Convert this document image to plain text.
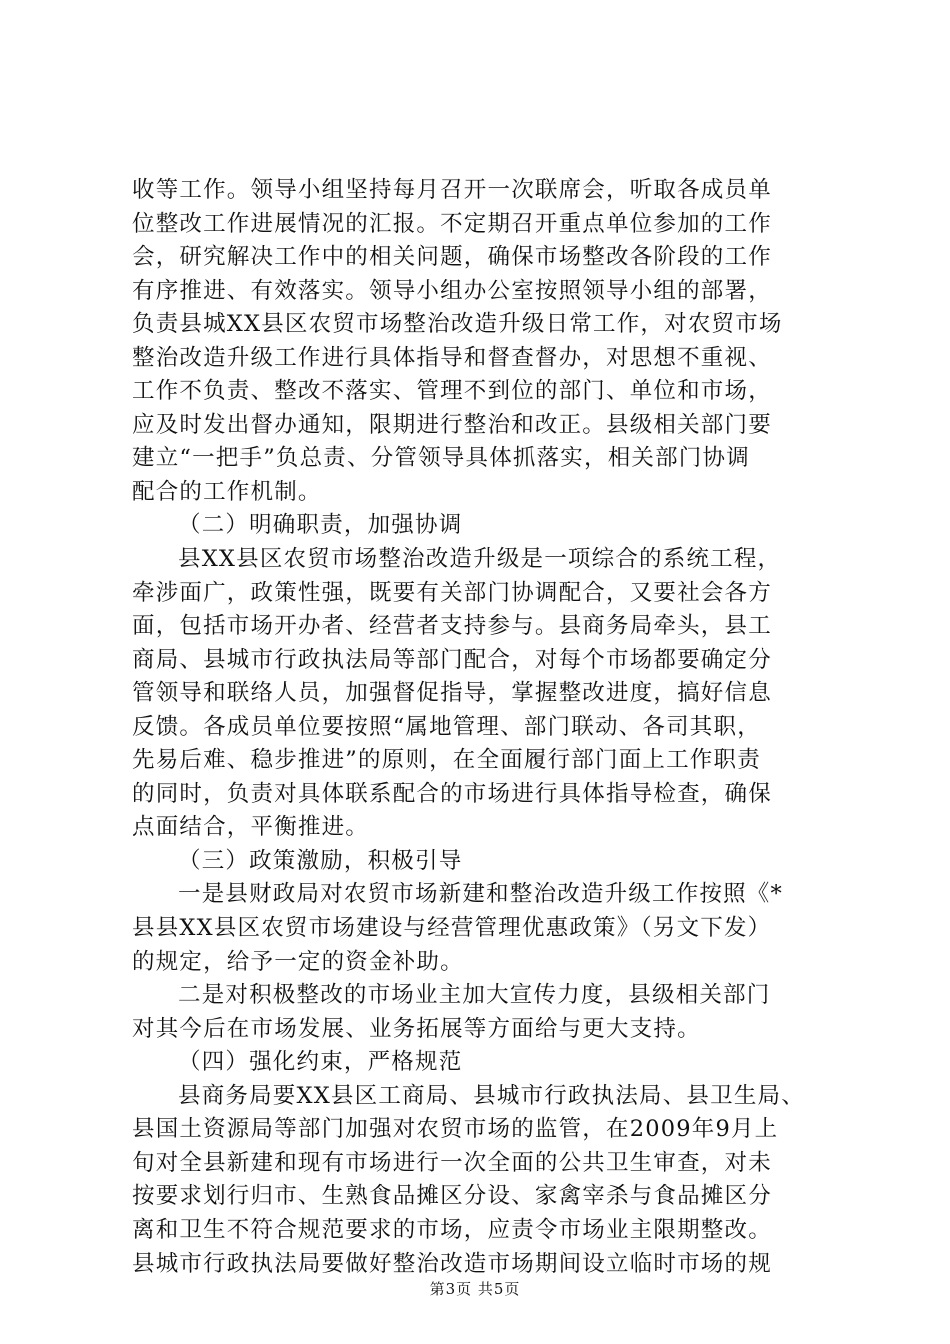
收等工作。领导小组坚持每月召开一次联席会，听取各成员单
位整改工作进展情况的汇报。不定期召开重点单位参加的工作
会，研究解决工作中的相关问题，确保市场整改各阶段的工作
有序推进、有效落实。领导小组办公室按照领导小组的部署，
负责县城XX县区农贸市场整治改造升级日常工作，对农贸市场
整治改造升级工作进行具体指导和督查督办，对思想不重视、
工作不负责、整改不落实、管理不到位的部门、单位和市场，
应及时发出督办通知，限期进行整治和改正。县级相关部门要
建立“一把手”负总责、分管领导具体抓落实，相关部门协调
配合的工作机制。
（二）明确职责，加强协调
县XX县区农贸市场整治改造升级是一项综合的系统工程，
牵涉面广，政策性强，既要有关部门协调配合，又要社会各方
面，包括市场开办者、经营者支持参与。县商务局牵头，县工
商局、县城市行政执法局等部门配合，对每个市场都要确定分
管领导和联络人员，加强督促指导，掌握整改进度，搞好信息
反馈。各成员单位要按照“属地管理、部门联动、各司其职，
先易后难、稳步推进”的原则，在全面履行部门面上工作职责
的同时，负责对具体联系配合的市场进行具体指导检查，确保
点面结合，平衡推进。
（三）政策激励，积极引导
一是县财政局对农贸市场新建和整治改造升级工作按照《*
县县XX县区农贸市场建设与经营管理优惠政策》（另文下发）
的规定，给予一定的资金补助。
二是对积极整改的市场业主加大宣传力度，县级相关部门
对其今后在市场发展、业务拓展等方面给与更大支持。
（四）强化约束，严格规范
县商务局要XX县区工商局、县城市行政执法局、县卫生局、
县国土资源局等部门加强对农贸市场的监管，在2009年9月上
旬对全县新建和现有市场进行一次全面的公共卫生审查，对未
按要求划行归市、生熟食品摊区分设、家禽宰杀与食品摊区分
离和卫生不符合规范要求的市场，应责令市场业主限期整改。
县城市行政执法局要做好整治改造市场期间设立临时市场的规
第3页 共5页
